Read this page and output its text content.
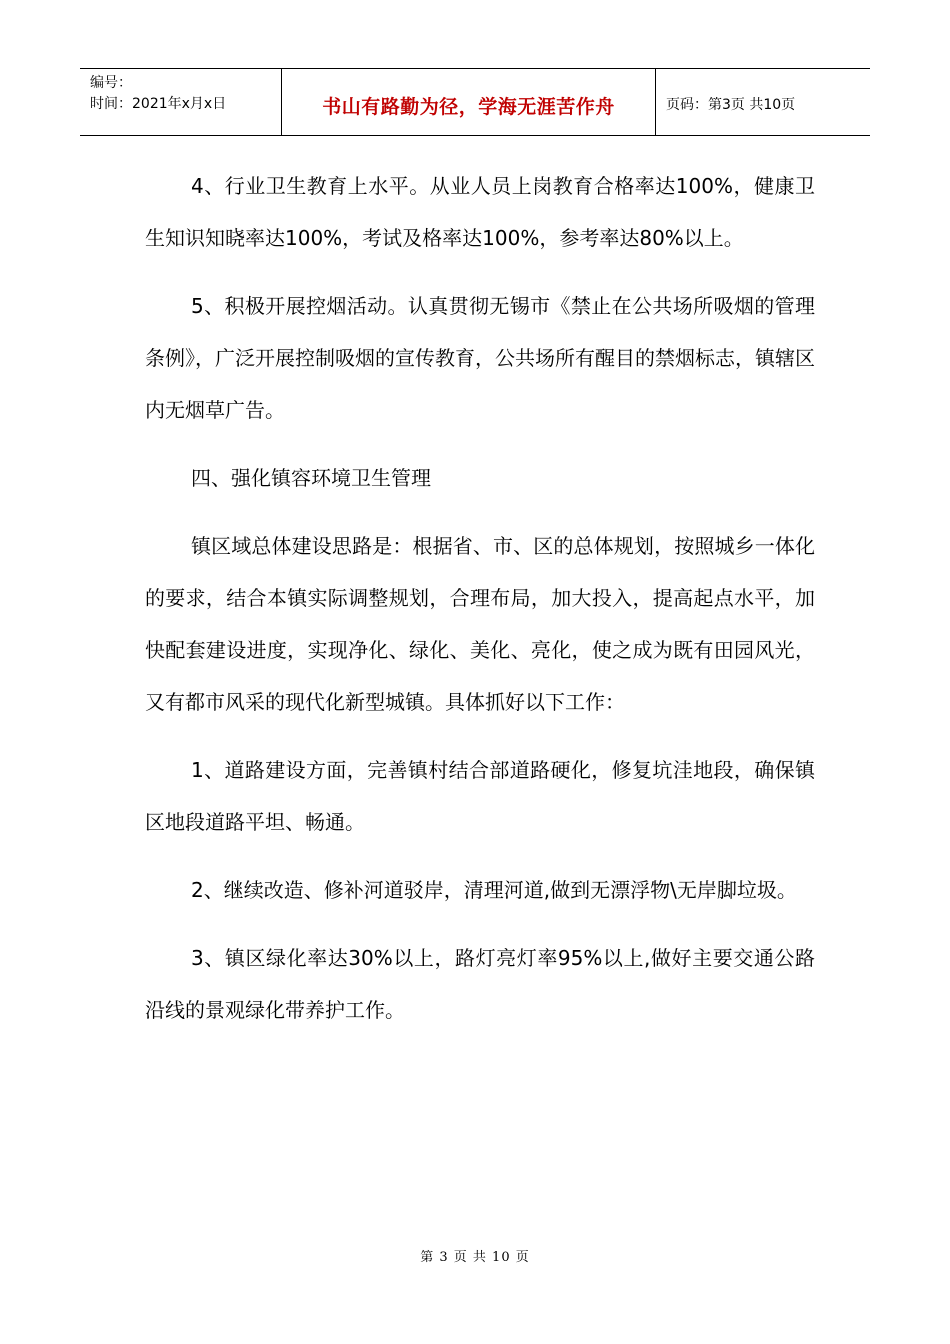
编号：
时间：2021年x月x日	书山有路勤为径，学海无涯苦作舟	页码：第3页 共10页

4、行业卫生教育上水平。从业人员上岗教育合格率达100%，健康卫生知识知晓率达100%，考试及格率达100%，参考率达80%以上。

5、积极开展控烟活动。认真贯彻无锡市《禁止在公共场所吸烟的管理条例》，广泛开展控制吸烟的宣传教育，公共场所有醒目的禁烟标志，镇辖区内无烟草广告。

四、强化镇容环境卫生管理

镇区域总体建设思路是：根据省、市、区的总体规划，按照城乡一体化的要求，结合本镇实际调整规划，合理布局，加大投入，提高起点水平，加快配套建设进度，实现净化、绿化、美化、亮化，使之成为既有田园风光，又有都市风采的现代化新型城镇。具体抓好以下工作：

1、道路建设方面，完善镇村结合部道路硬化，修复坑洼地段，确保镇区地段道路平坦、畅通。

2、继续改造、修补河道驳岸，清理河道,做到无漂浮物\无岸脚垃圾。

3、镇区绿化率达30%以上，路灯亮灯率95%以上,做好主要交通公路沿线的景观绿化带养护工作。

第 3 页 共 10 页
